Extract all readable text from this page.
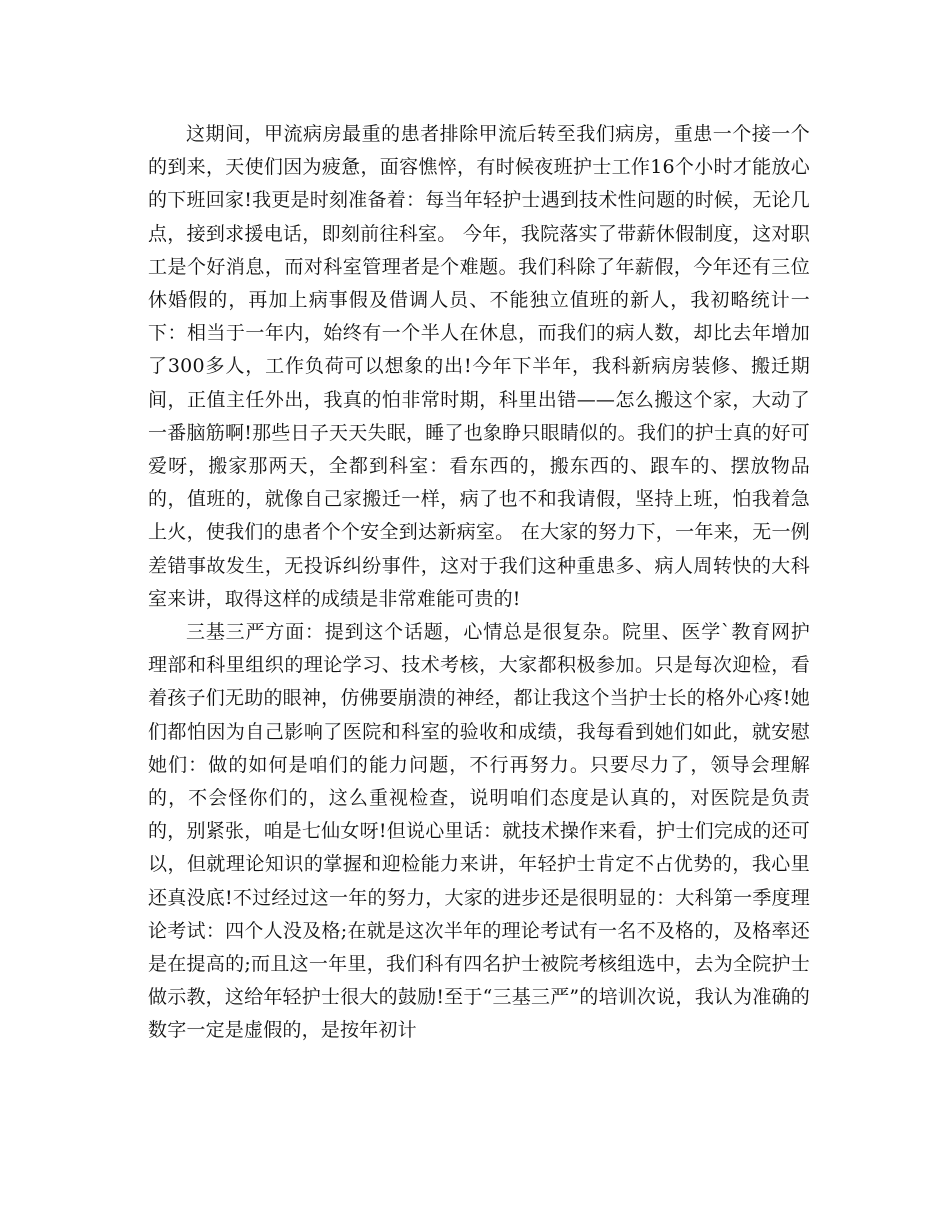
这期间，甲流病房最重的患者排除甲流后转至我们病房，重患一个接一个的到来，天使们因为疲惫，面容憔悴，有时候夜班护士工作16个小时才能放心的下班回家!我更是时刻准备着：每当年轻护士遇到技术性问题的时候，无论几点，接到求援电话，即刻前往科室。 今年，我院落实了带薪休假制度，这对职工是个好消息，而对科室管理者是个难题。我们科除了年薪假，今年还有三位休婚假的，再加上病事假及借调人员、不能独立值班的新人，我初略统计一下：相当于一年内，始终有一个半人在休息，而我们的病人数，却比去年增加了300多人，工作负荷可以想象的出!今年下半年，我科新病房装修、搬迁期间，正值主任外出，我真的怕非常时期，科里出错——怎么搬这个家，大动了一番脑筋啊!那些日子天天失眠，睡了也象睁只眼睛似的。我们的护士真的好可爱呀，搬家那两天，全都到科室：看东西的，搬东西的、跟车的、摆放物品的，值班的，就像自己家搬迁一样，病了也不和我请假，坚持上班，怕我着急上火，使我们的患者个个安全到达新病室。 在大家的努力下，一年来，无一例差错事故发生，无投诉纠纷事件，这对于我们这种重患多、病人周转快的大科室来讲，取得这样的成绩是非常难能可贵的!

三基三严方面：提到这个话题，心情总是很复杂。院里、医学`教育网护理部和科里组织的理论学习、技术考核，大家都积极参加。只是每次迎检，看着孩子们无助的眼神，仿佛要崩溃的神经，都让我这个当护士长的格外心疼!她们都怕因为自己影响了医院和科室的验收和成绩，我每看到她们如此，就安慰她们：做的如何是咱们的能力问题，不行再努力。只要尽力了，领导会理解的，不会怪你们的，这么重视检查，说明咱们态度是认真的，对医院是负责的，别紧张，咱是七仙女呀!但说心里话：就技术操作来看，护士们完成的还可以，但就理论知识的掌握和迎检能力来讲，年轻护士肯定不占优势的，我心里还真没底!不过经过这一年的努力，大家的进步还是很明显的：大科第一季度理论考试：四个人没及格;在就是这次半年的理论考试有一名不及格的，及格率还是在提高的;而且这一年里，我们科有四名护士被院考核组选中，去为全院护士做示教，这给年轻护士很大的鼓励!至于“三基三严”的培训次说，我认为准确的数字一定是虚假的，是按年初计
